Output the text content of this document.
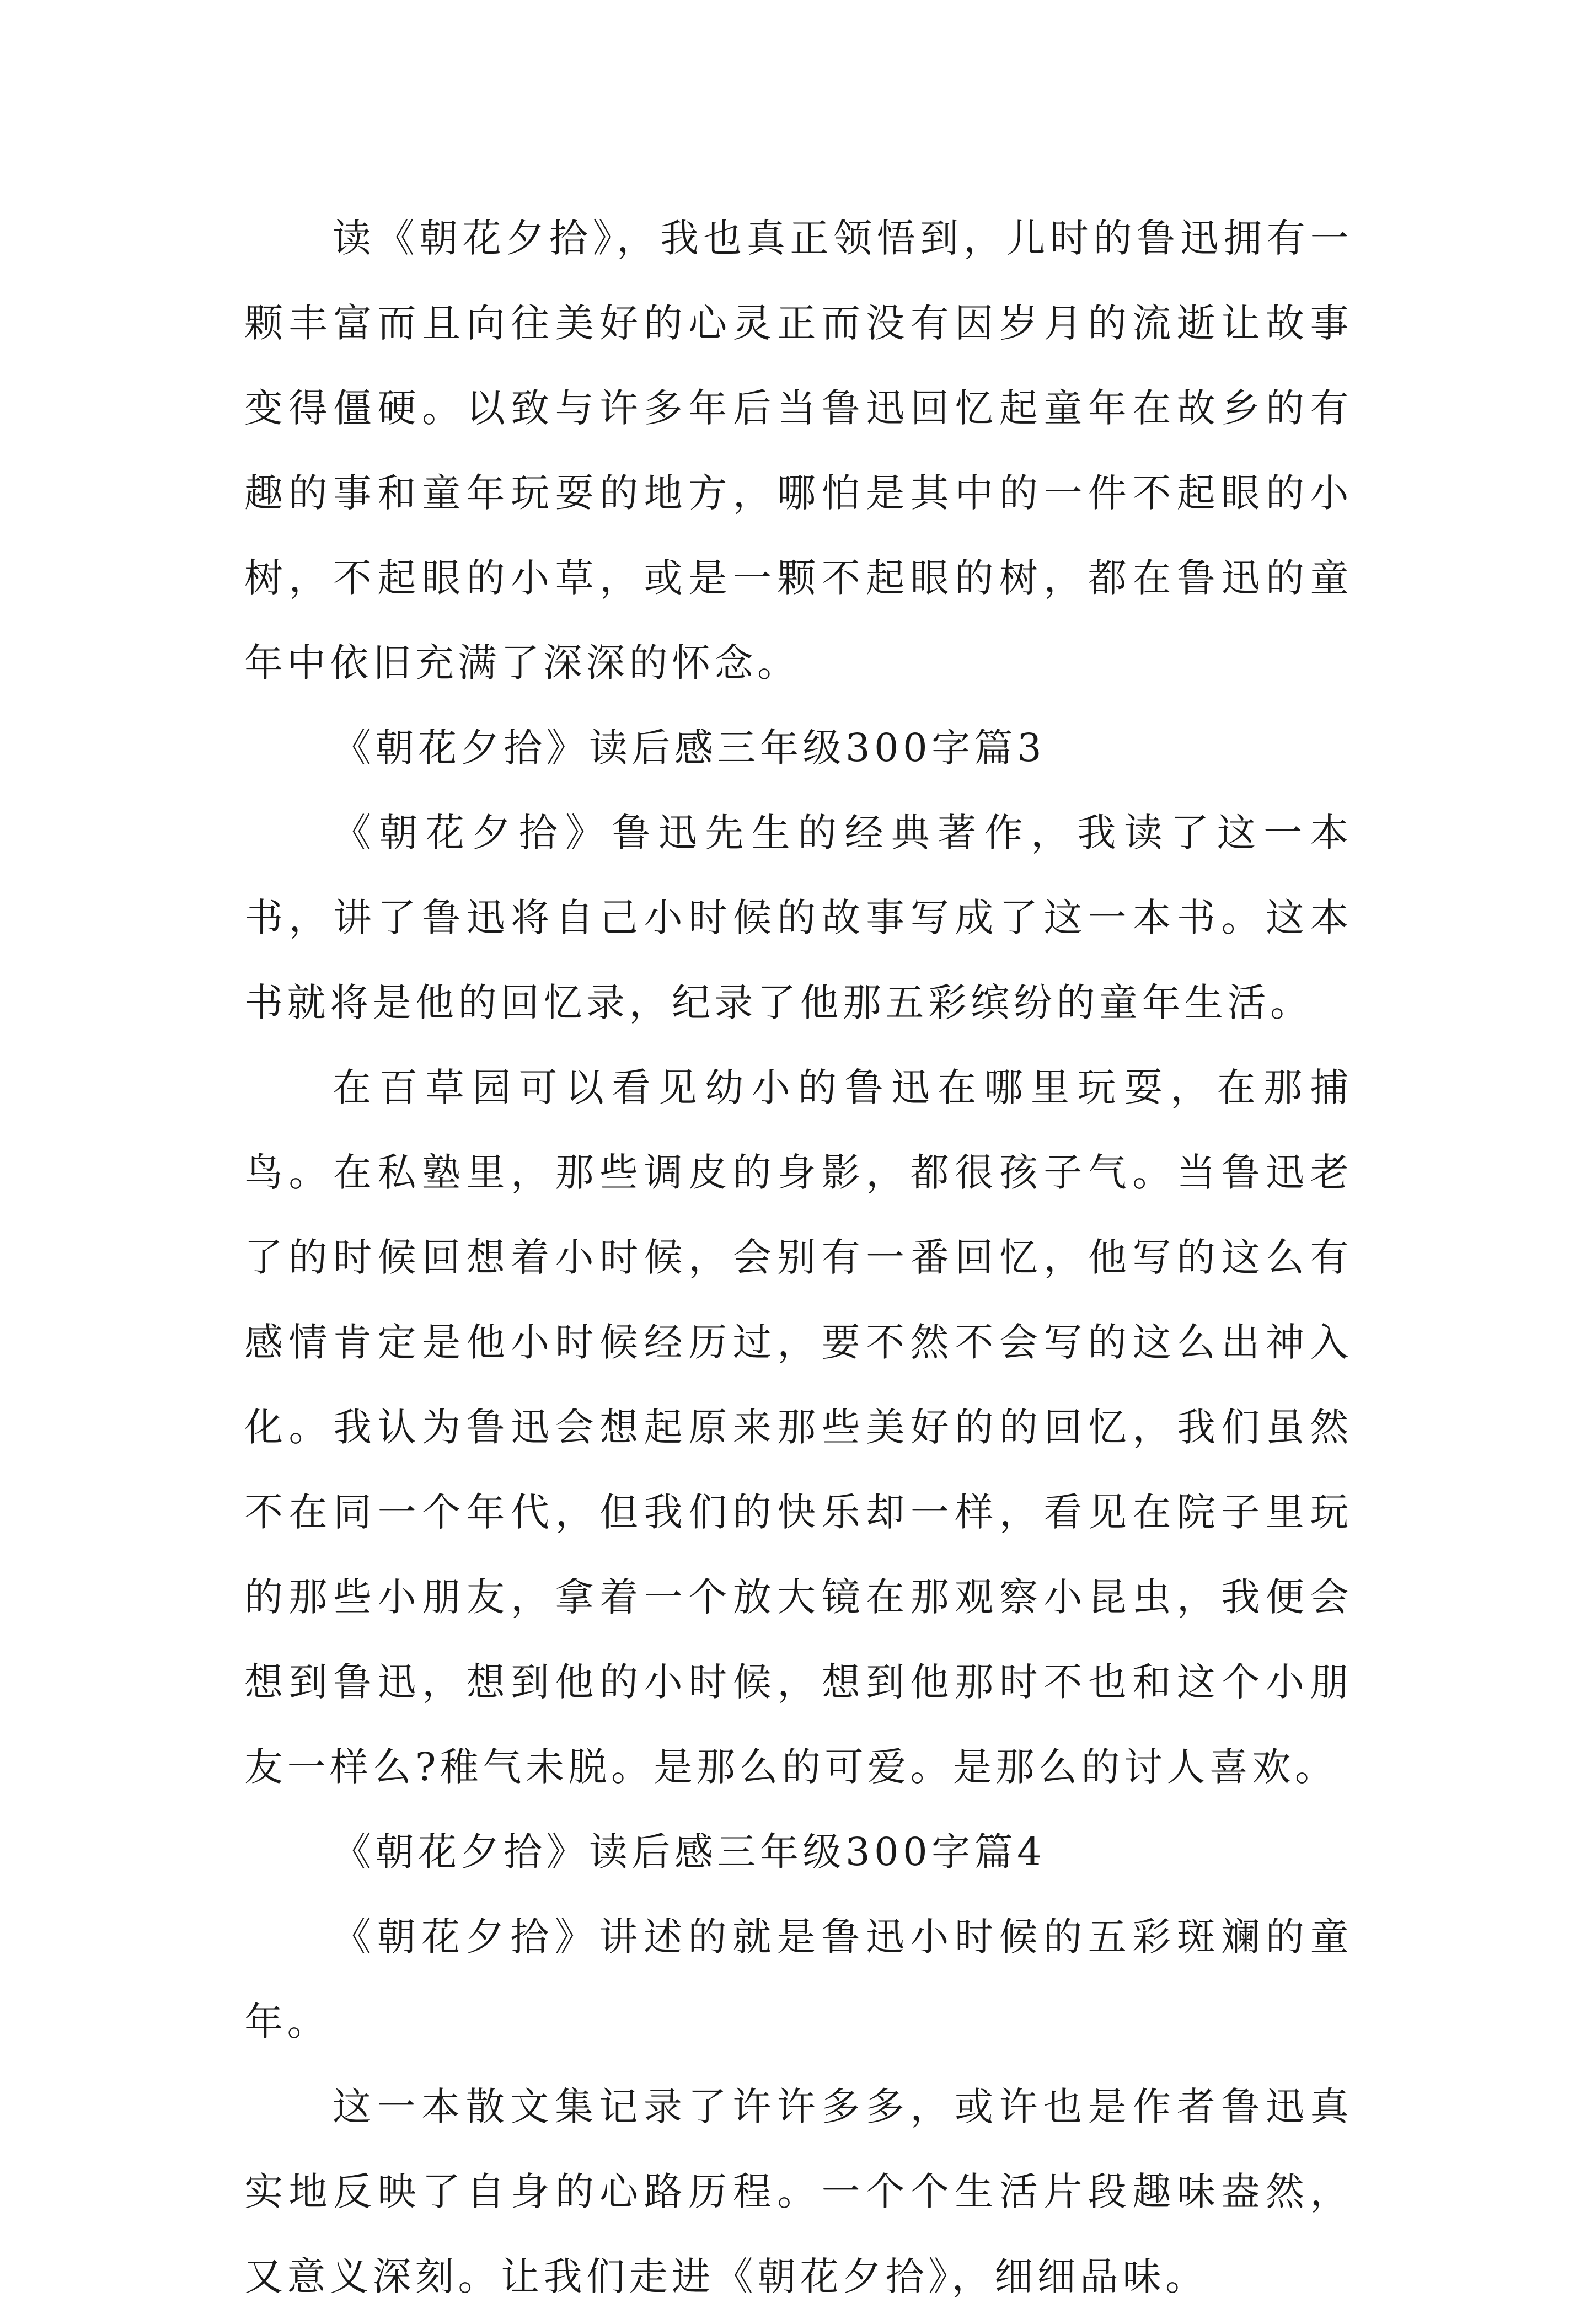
读《朝花夕拾》，我也真正领悟到，儿时的鲁迅拥有一颗丰富而且向往美好的心灵正而没有因岁月的流逝让故事变得僵硬。以致与许多年后当鲁迅回忆起童年在故乡的有趣的事和童年玩耍的地方，哪怕是其中的一件不起眼的小树，不起眼的小草，或是一颗不起眼的树，都在鲁迅的童年中依旧充满了深深的怀念。

《朝花夕拾》读后感三年级300字篇3

《朝花夕拾》鲁迅先生的经典著作，我读了这一本书，讲了鲁迅将自己小时候的故事写成了这一本书。这本书就将是他的回忆录，纪录了他那五彩缤纷的童年生活。

在百草园可以看见幼小的鲁迅在哪里玩耍，在那捕鸟。在私塾里，那些调皮的身影，都很孩子气。当鲁迅老了的时候回想着小时候，会别有一番回忆，他写的这么有感情肯定是他小时候经历过，要不然不会写的这么出神入化。我认为鲁迅会想起原来那些美好的的回忆，我们虽然不在同一个年代，但我们的快乐却一样，看见在院子里玩的那些小朋友，拿着一个放大镜在那观察小昆虫，我便会想到鲁迅，想到他的小时候，想到他那时不也和这个小朋友一样么?稚气未脱。是那么的可爱。是那么的讨人喜欢。

《朝花夕拾》读后感三年级300字篇4

《朝花夕拾》讲述的就是鲁迅小时候的五彩斑斓的童年。

这一本散文集记录了许许多多，或许也是作者鲁迅真实地反映了自身的心路历程。一个个生活片段趣味盎然，又意义深刻。让我们走进《朝花夕拾》，细细品味。
